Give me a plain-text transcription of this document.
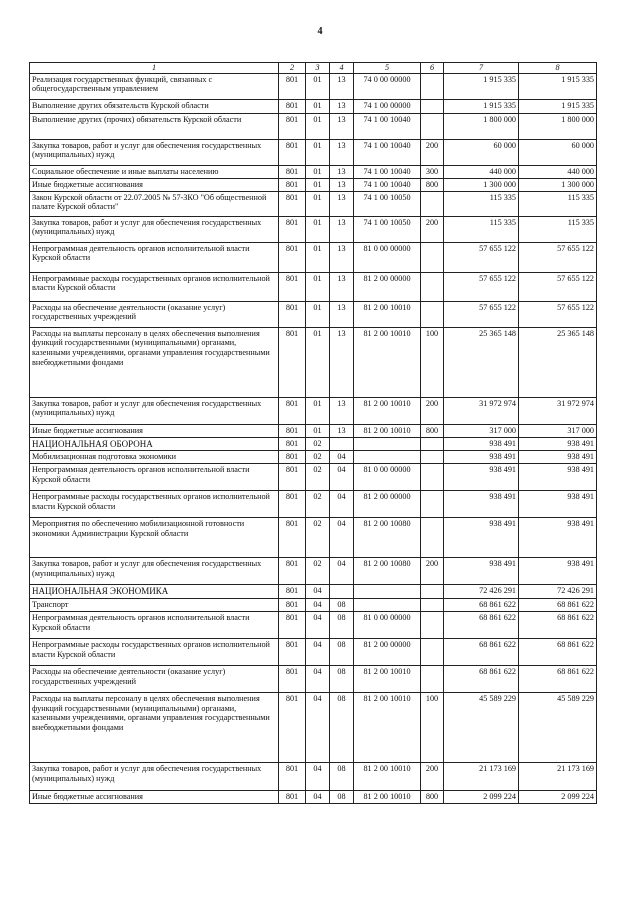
4
1	2	3	4	5	6	7	8
Реализация государственных функций, связанных с общегосударственным управлением	801	01	13	74 0 00 00000		1 915 335	1 915 335
Выполнение других обязательств Курской области	801	01	13	74 1 00 00000		1 915 335	1 915 335
Выполнение других (прочих) обязательств Курской области	801	01	13	74 1 00 10040		1 800 000	1 800 000
Закупка товаров, работ и услуг для обеспечения государственных (муниципальных) нужд	801	01	13	74 1 00 10040	200	60 000	60 000
Социальное обеспечение и иные выплаты населению	801	01	13	74 1 00 10040	300	440 000	440 000
Иные бюджетные ассигнования	801	01	13	74 1 00 10040	800	1 300 000	1 300 000
Закон Курской области от 22.07.2005 № 57-ЗКО "Об общественной палате Курской области"	801	01	13	74 1 00 10050		115 335	115 335
Закупка товаров, работ и услуг для обеспечения государственных (муниципальных) нужд	801	01	13	74 1 00 10050	200	115 335	115 335
Непрограммная деятельность органов исполнительной власти Курской области	801	01	13	81 0 00 00000		57 655 122	57 655 122
Непрограммные расходы государственных органов исполнительной власти Курской области	801	01	13	81 2 00 00000		57 655 122	57 655 122
Расходы на обеспечение деятельности (оказание услуг) государственных учреждений	801	01	13	81 2 00 10010		57 655 122	57 655 122
Расходы на выплаты персоналу в целях обеспечения выполнения функций государственными (муниципальными) органами, казенными учреждениями, органами управления государственными внебюджетными фондами	801	01	13	81 2 00 10010	100	25 365 148	25 365 148
Закупка товаров, работ и услуг для обеспечения государственных (муниципальных) нужд	801	01	13	81 2 00 10010	200	31 972 974	31 972 974
Иные бюджетные ассигнования	801	01	13	81 2 00 10010	800	317 000	317 000
НАЦИОНАЛЬНАЯ ОБОРОНА	801	02				938 491	938 491
Мобилизационная подготовка экономики	801	02	04			938 491	938 491
Непрограммная деятельность органов исполнительной власти Курской области	801	02	04	81 0 00 00000		938 491	938 491
Непрограммные расходы государственных органов исполнительной власти Курской области	801	02	04	81 2 00 00000		938 491	938 491
Мероприятия по обеспечению мобилизационной готовности экономики Администрации Курской области	801	02	04	81 2 00 10080		938 491	938 491
Закупка товаров, работ и услуг для обеспечения государственных (муниципальных) нужд	801	02	04	81 2 00 10080	200	938 491	938 491
НАЦИОНАЛЬНАЯ ЭКОНОМИКА	801	04				72 426 291	72 426 291
Транспорт	801	04	08			68 861 622	68 861 622
Непрограммная деятельность органов исполнительной власти Курской области	801	04	08	81 0 00 00000		68 861 622	68 861 622
Непрограммные расходы государственных органов исполнительной власти Курской области	801	04	08	81 2 00 00000		68 861 622	68 861 622
Расходы на обеспечение деятельности (оказание услуг) государственных учреждений	801	04	08	81 2 00 10010		68 861 622	68 861 622
Расходы на выплаты персоналу в целях обеспечения выполнения функций государственными (муниципальными) органами, казенными учреждениями, органами управления государственными внебюджетными фондами	801	04	08	81 2 00 10010	100	45 589 229	45 589 229
Закупка товаров, работ и услуг для обеспечения государственных (муниципальных) нужд	801	04	08	81 2 00 10010	200	21 173 169	21 173 169
Иные бюджетные ассигнования	801	04	08	81 2 00 10010	800	2 099 224	2 099 224
